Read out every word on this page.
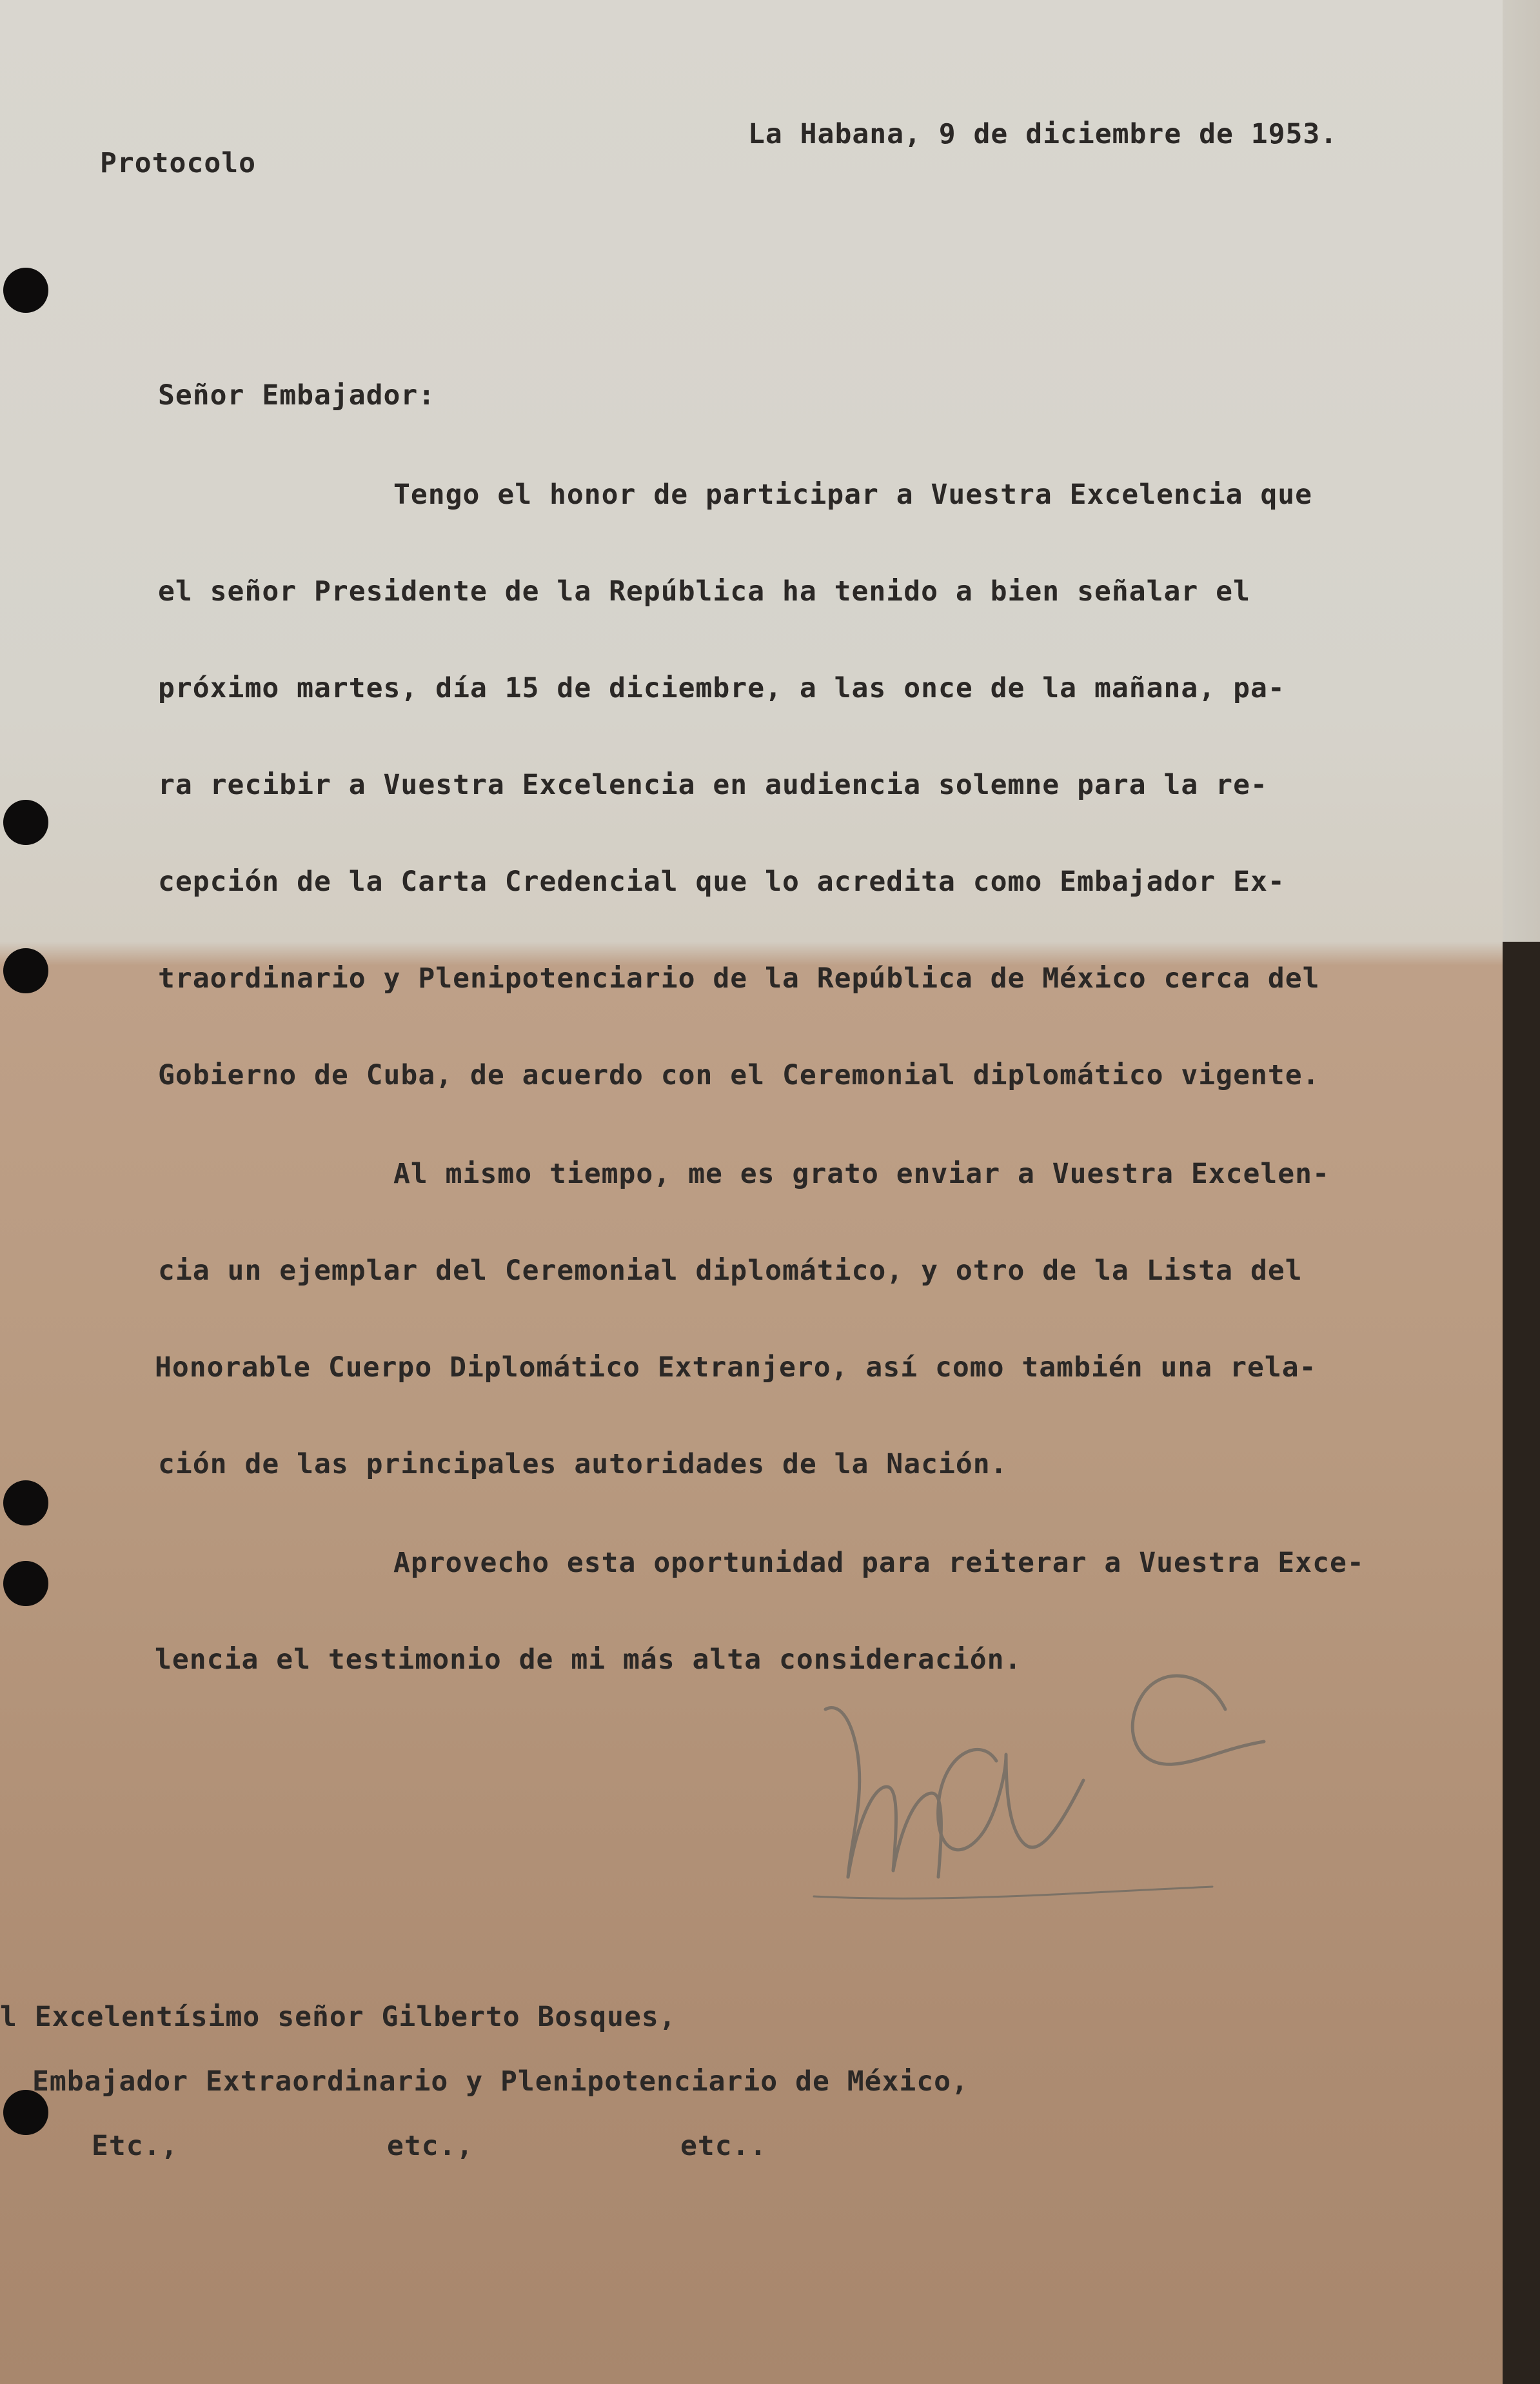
Protocolo
La Habana, 9 de diciembre de 1953.
Señor Embajador:
Tengo el honor de participar a Vuestra Excelencia que
el señor Presidente de la República ha tenido a bien señalar el
próximo martes, día 15 de diciembre, a las once de la mañana, pa-
ra recibir a Vuestra Excelencia en audiencia solemne para la re-
cepción de la Carta Credencial que lo acredita como Embajador Ex-
traordinario y Plenipotenciario de la República de México cerca del
Gobierno de Cuba, de acuerdo con el Ceremonial diplomático vigente.
Al mismo tiempo, me es grato enviar a Vuestra Excelen-
cia un ejemplar del Ceremonial diplomático, y otro de la Lista del
Honorable Cuerpo Diplomático Extranjero, así como también una rela-
ción de las principales autoridades de la Nación.
Aprovecho esta oportunidad para reiterar a Vuestra Exce-
lencia el testimonio de mi más alta consideración.
l Excelentísimo señor Gilberto Bosques,
Embajador Extraordinario y Plenipotenciario de México,
Etc.,	etc.,	etc..
